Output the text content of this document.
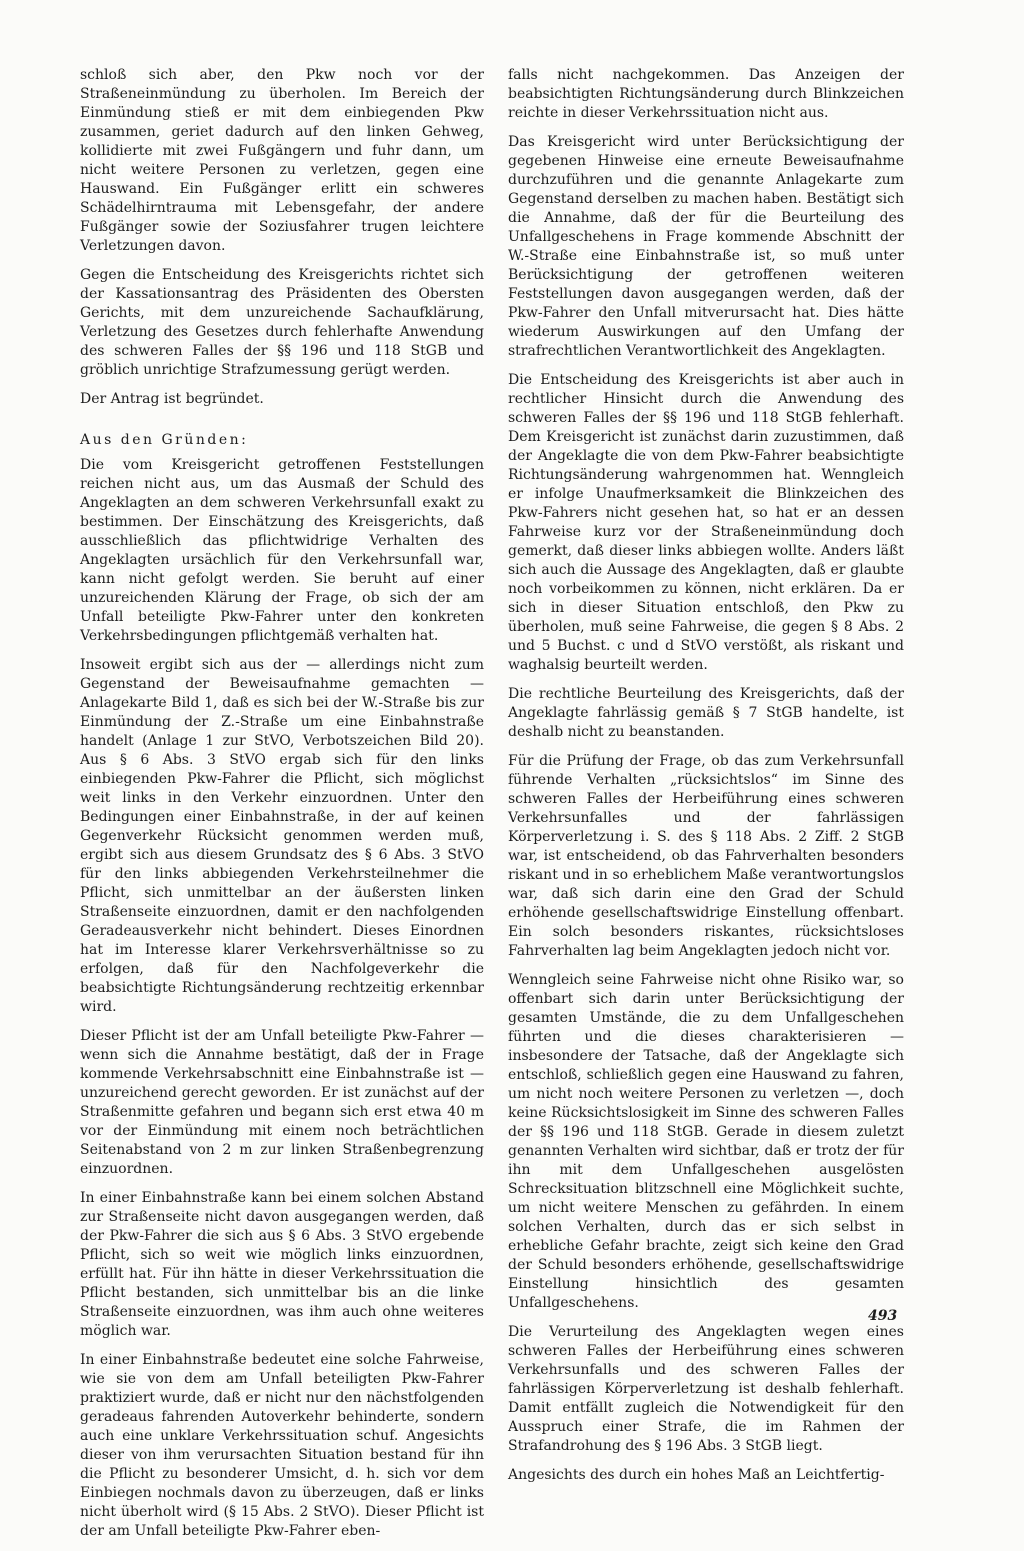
schloß sich aber, den Pkw noch vor der Straßeneinmündung zu überholen. Im Bereich der Einmündung stieß er mit dem einbiegenden Pkw zusammen, geriet dadurch auf den linken Gehweg, kollidierte mit zwei Fußgängern und fuhr dann, um nicht weitere Personen zu verletzen, gegen eine Hauswand. Ein Fußgänger erlitt ein schweres Schädelhirntrauma mit Lebensgefahr, der andere Fußgänger sowie der Soziusfahrer trugen leichtere Verletzungen davon.

Gegen die Entscheidung des Kreisgerichts richtet sich der Kassationsantrag des Präsidenten des Obersten Gerichts, mit dem unzureichende Sachaufklärung, Verletzung des Gesetzes durch fehlerhafte Anwendung des schweren Falles der §§ 196 und 118 StGB und gröblich unrichtige Strafzumessung gerügt werden.

Der Antrag ist begründet.

Aus den Gründen:

Die vom Kreisgericht getroffenen Feststellungen reichen nicht aus, um das Ausmaß der Schuld des Angeklagten an dem schweren Verkehrsunfall exakt zu bestimmen. Der Einschätzung des Kreisgerichts, daß ausschließlich das pflichtwidrige Verhalten des Angeklagten ursächlich für den Verkehrsunfall war, kann nicht gefolgt werden. Sie beruht auf einer unzureichenden Klärung der Frage, ob sich der am Unfall beteiligte Pkw-Fahrer unter den konkreten Verkehrsbedingungen pflichtgemäß verhalten hat.

Insoweit ergibt sich aus der — allerdings nicht zum Gegenstand der Beweisaufnahme gemachten — Anlagekarte Bild 1, daß es sich bei der W.-Straße bis zur Einmündung der Z.-Straße um eine Einbahnstraße handelt (Anlage 1 zur StVO, Verbotszeichen Bild 20). Aus § 6 Abs. 3 StVO ergab sich für den links einbiegenden Pkw-Fahrer die Pflicht, sich möglichst weit links in den Verkehr einzuordnen. Unter den Bedingungen einer Einbahnstraße, in der auf keinen Gegenverkehr Rücksicht genommen werden muß, ergibt sich aus diesem Grundsatz des § 6 Abs. 3 StVO für den links abbiegenden Verkehrsteilnehmer die Pflicht, sich unmittelbar an der äußersten linken Straßenseite einzuordnen, damit er den nachfolgenden Geradeausverkehr nicht behindert. Dieses Einordnen hat im Interesse klarer Verkehrsverhältnisse so zu erfolgen, daß für den Nachfolgeverkehr die beabsichtigte Richtungsänderung rechtzeitig erkennbar wird.

Dieser Pflicht ist der am Unfall beteiligte Pkw-Fahrer — wenn sich die Annahme bestätigt, daß der in Frage kommende Verkehrsabschnitt eine Einbahnstraße ist — unzureichend gerecht geworden. Er ist zunächst auf der Straßenmitte gefahren und begann sich erst etwa 40 m vor der Einmündung mit einem noch beträchtlichen Seitenabstand von 2 m zur linken Straßenbegrenzung einzuordnen.

In einer Einbahnstraße kann bei einem solchen Abstand zur Straßenseite nicht davon ausgegangen werden, daß der Pkw-Fahrer die sich aus § 6 Abs. 3 StVO ergebende Pflicht, sich so weit wie möglich links einzuordnen, erfüllt hat. Für ihn hätte in dieser Verkehrssituation die Pflicht bestanden, sich unmittelbar bis an die linke Straßenseite einzuordnen, was ihm auch ohne weiteres möglich war.

In einer Einbahnstraße bedeutet eine solche Fahrweise, wie sie von dem am Unfall beteiligten Pkw-Fahrer praktiziert wurde, daß er nicht nur den nächstfolgenden geradeaus fahrenden Autoverkehr behinderte, sondern auch eine unklare Verkehrssituation schuf. Angesichts dieser von ihm verursachten Situation bestand für ihn die Pflicht zu besonderer Umsicht, d. h. sich vor dem Einbiegen nochmals davon zu überzeugen, daß er links nicht überholt wird (§ 15 Abs. 2 StVO). Dieser Pflicht ist der am Unfall beteiligte Pkw-Fahrer eben-

falls nicht nachgekommen. Das Anzeigen der beabsichtigten Richtungsänderung durch Blinkzeichen reichte in dieser Verkehrssituation nicht aus.

Das Kreisgericht wird unter Berücksichtigung der gegebenen Hinweise eine erneute Beweisaufnahme durchzuführen und die genannte Anlagekarte zum Gegenstand derselben zu machen haben. Bestätigt sich die Annahme, daß der für die Beurteilung des Unfallgeschehens in Frage kommende Abschnitt der W.-Straße eine Einbahnstraße ist, so muß unter Berücksichtigung der getroffenen weiteren Feststellungen davon ausgegangen werden, daß der Pkw-Fahrer den Unfall mitverursacht hat. Dies hätte wiederum Auswirkungen auf den Umfang der strafrechtlichen Verantwortlichkeit des Angeklagten.

Die Entscheidung des Kreisgerichts ist aber auch in rechtlicher Hinsicht durch die Anwendung des schweren Falles der §§ 196 und 118 StGB fehlerhaft. Dem Kreisgericht ist zunächst darin zuzustimmen, daß der Angeklagte die von dem Pkw-Fahrer beabsichtigte Richtungsänderung wahrgenommen hat. Wenngleich er infolge Unaufmerksamkeit die Blinkzeichen des Pkw-Fahrers nicht gesehen hat, so hat er an dessen Fahrweise kurz vor der Straßeneinmündung doch gemerkt, daß dieser links abbiegen wollte. Anders läßt sich auch die Aussage des Angeklagten, daß er glaubte noch vorbeikommen zu können, nicht erklären. Da er sich in dieser Situation entschloß, den Pkw zu überholen, muß seine Fahrweise, die gegen § 8 Abs. 2 und 5 Buchst. c und d StVO verstößt, als riskant und waghalsig beurteilt werden.

Die rechtliche Beurteilung des Kreisgerichts, daß der Angeklagte fahrlässig gemäß § 7 StGB handelte, ist deshalb nicht zu beanstanden.

Für die Prüfung der Frage, ob das zum Verkehrsunfall führende Verhalten „rücksichtslos“ im Sinne des schweren Falles der Herbeiführung eines schweren Verkehrsunfalles und der fahrlässigen Körperverletzung i. S. des § 118 Abs. 2 Ziff. 2 StGB war, ist entscheidend, ob das Fahrverhalten besonders riskant und in so erheblichem Maße verantwortungslos war, daß sich darin eine den Grad der Schuld erhöhende gesellschaftswidrige Einstellung offenbart. Ein solch besonders riskantes, rücksichtsloses Fahrverhalten lag beim Angeklagten jedoch nicht vor.

Wenngleich seine Fahrweise nicht ohne Risiko war, so offenbart sich darin unter Berücksichtigung der gesamten Umstände, die zu dem Unfallgeschehen führten und die dieses charakterisieren — insbesondere der Tatsache, daß der Angeklagte sich entschloß, schließlich gegen eine Hauswand zu fahren, um nicht noch weitere Personen zu verletzen —, doch keine Rücksichtslosigkeit im Sinne des schweren Falles der §§ 196 und 118 StGB. Gerade in diesem zuletzt genannten Verhalten wird sichtbar, daß er trotz der für ihn mit dem Unfallgeschehen ausgelösten Schrecksituation blitzschnell eine Möglichkeit suchte, um nicht weitere Menschen zu gefährden. In einem solchen Verhalten, durch das er sich selbst in erhebliche Gefahr brachte, zeigt sich keine den Grad der Schuld besonders erhöhende, gesellschaftswidrige Einstellung hinsichtlich des gesamten Unfallgeschehens.

Die Verurteilung des Angeklagten wegen eines schweren Falles der Herbeiführung eines schweren Verkehrsunfalls und des schweren Falles der fahrlässigen Körperverletzung ist deshalb fehlerhaft. Damit entfällt zugleich die Notwendigkeit für den Ausspruch einer Strafe, die im Rahmen der Strafandrohung des § 196 Abs. 3 StGB liegt.

Angesichts des durch ein hohes Maß an Leichtfertig-

493
